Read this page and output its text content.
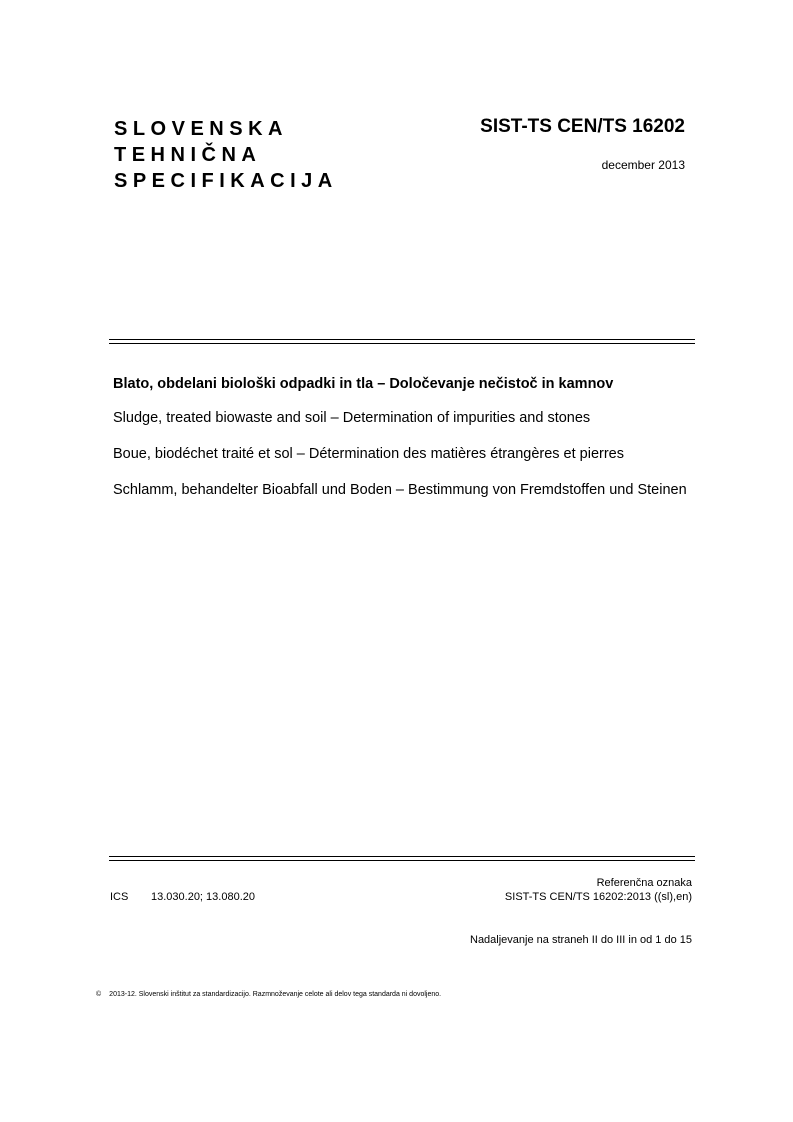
SLOVENSKA
TEHNIČNA
SPECIFIKACIJA
SIST-TS CEN/TS 16202
december 2013
Blato, obdelani biološki odpadki in tla – Določevanje nečistoč in kamnov
Sludge, treated biowaste and soil – Determination of impurities and stones
Boue, biodéchet traité et sol – Détermination des matières étrangères et pierres
Schlamm, behandelter Bioabfall und Boden – Bestimmung von Fremdstoffen und Steinen
ICS 13.030.20; 13.080.20
Referenčna oznaka
SIST-TS CEN/TS 16202:2013 ((sl),en)
Nadaljevanje na straneh II do III in od 1 do 15
© 2013-12. Slovenski inštitut za standardizacijo. Razmnoževanje celote ali delov tega standarda ni dovoljeno.
